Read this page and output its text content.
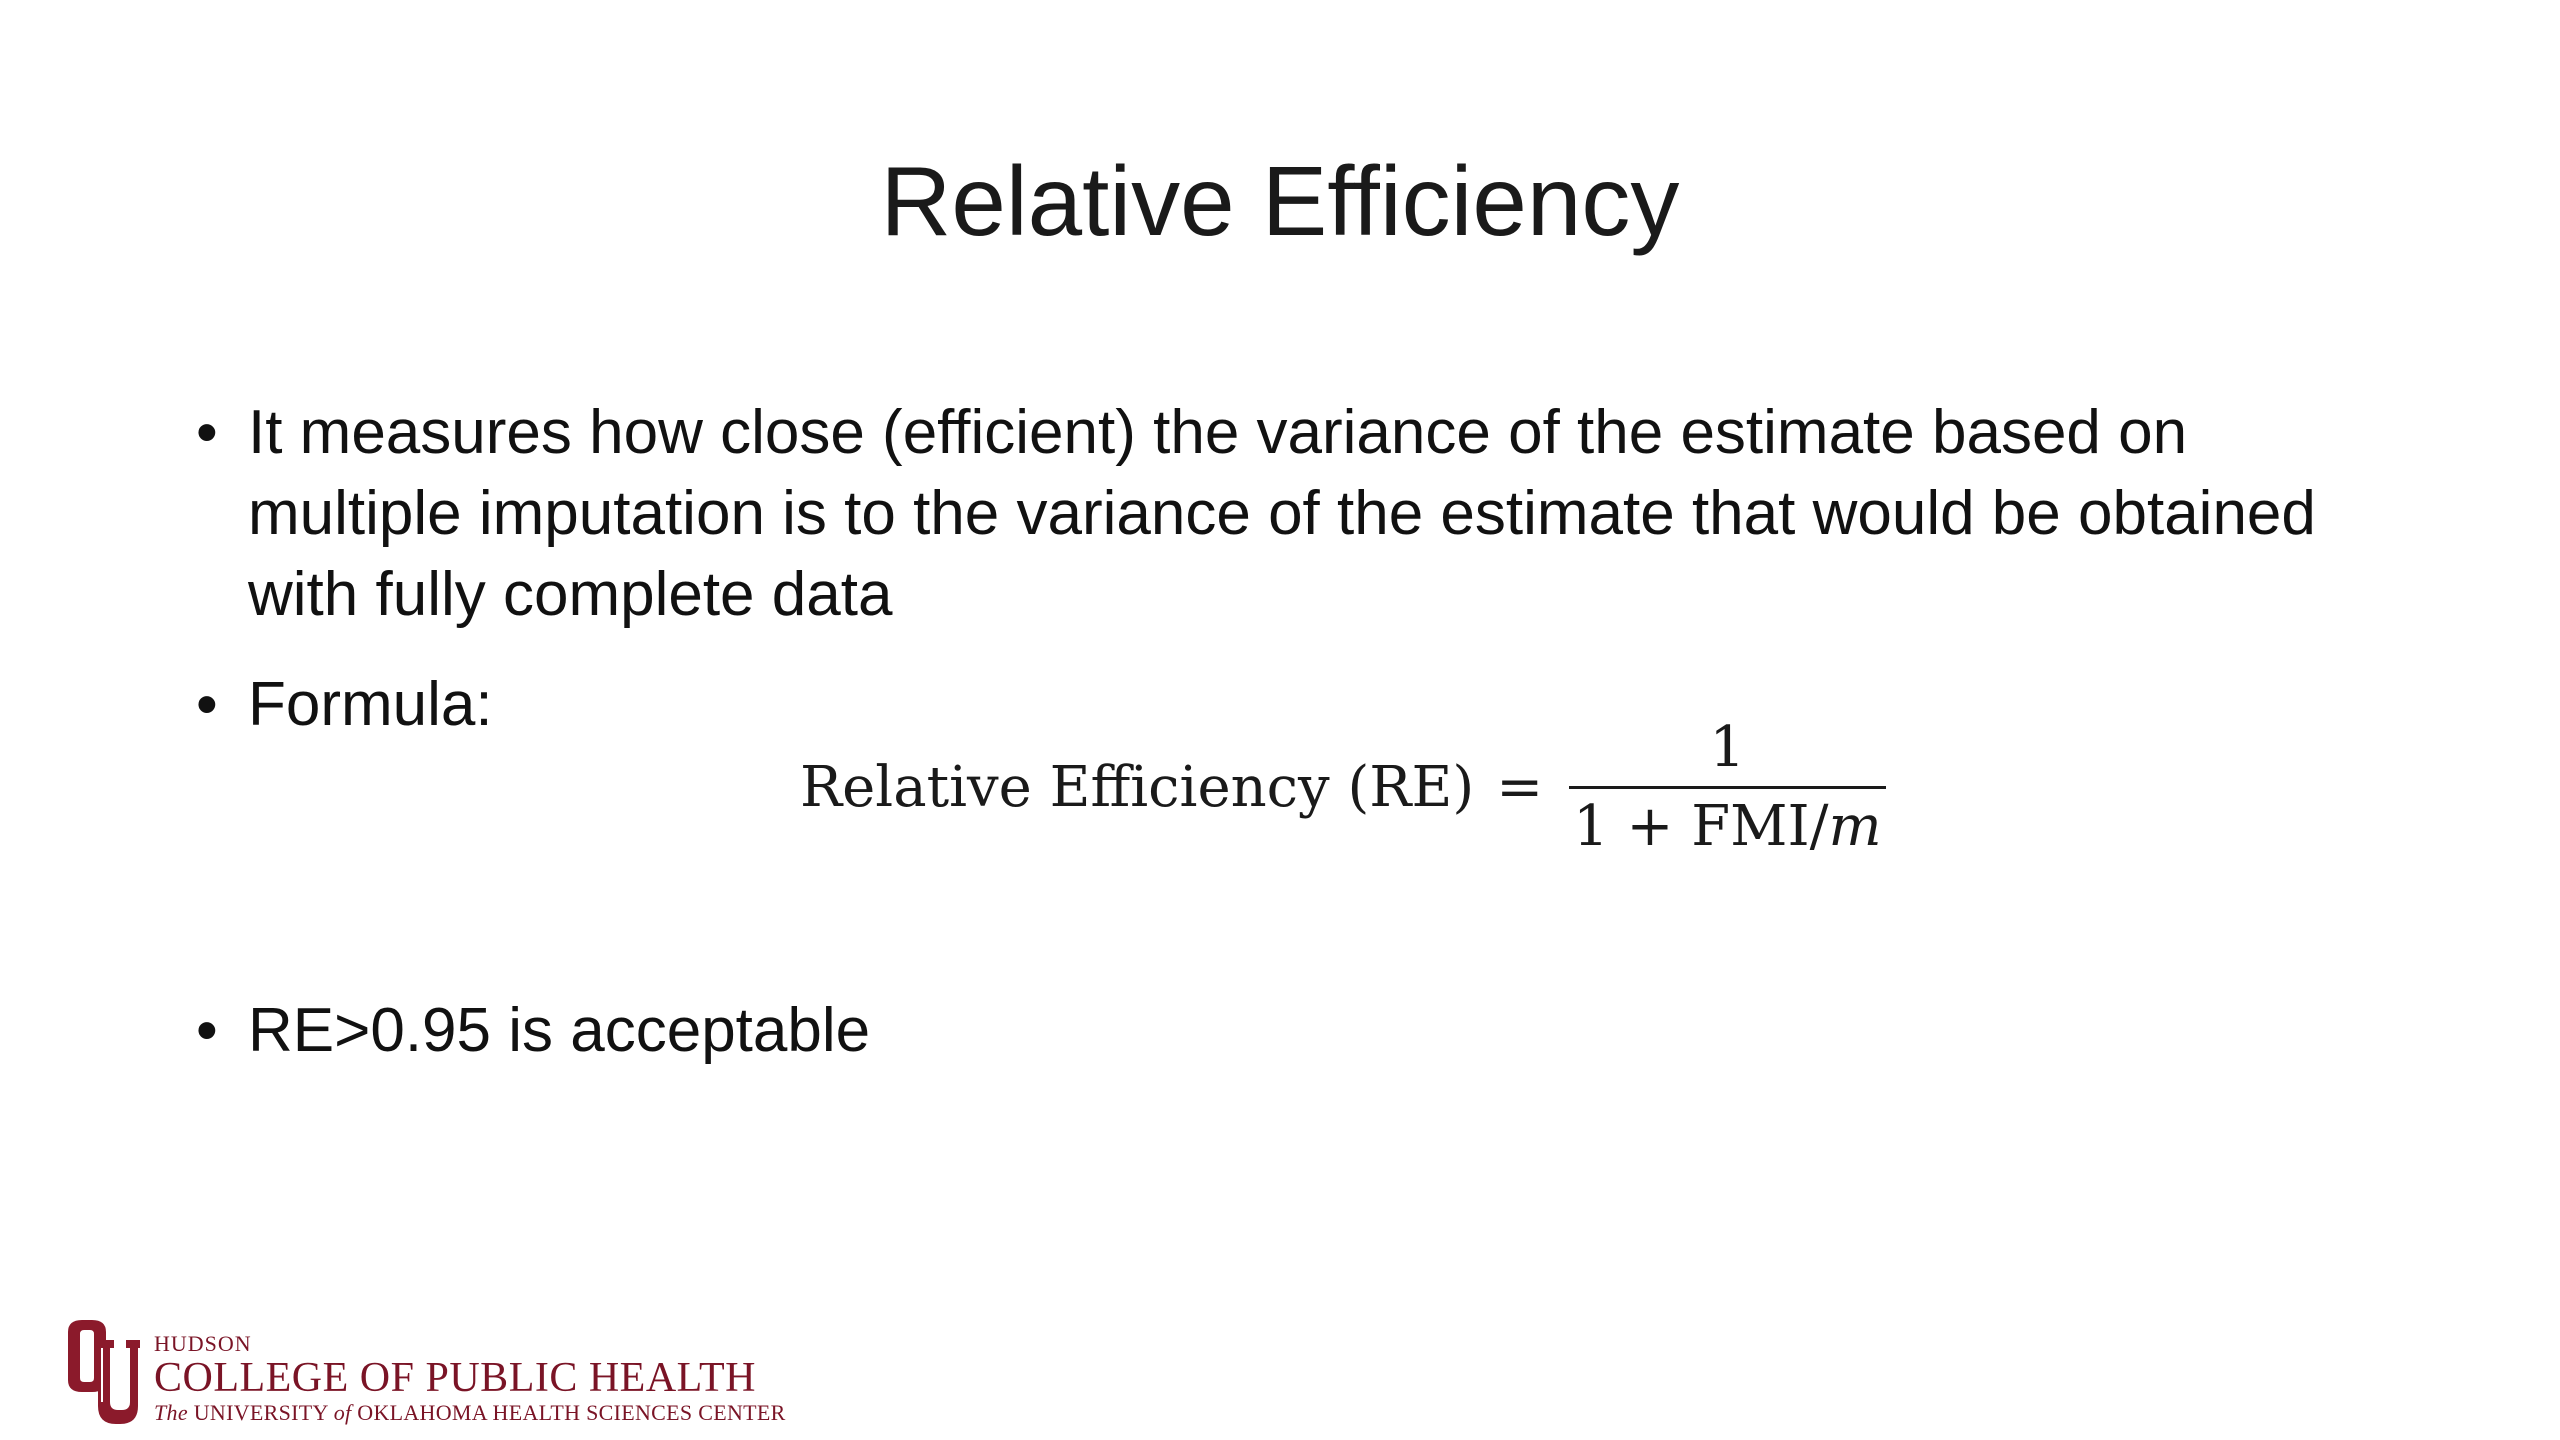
Relative Efficiency
• It measures how close (efficient) the variance of the estimate based on multiple imputation is to the variance of the estimate that would be obtained with fully complete data
• Formula:
Relative Efficiency $(RE) = \frac{1}{\text{1 + FMI/m}}$
• RE>0.95 is acceptable
HUDSON
COLLEGE OF PUBLIC HEALTH
The UNIVERSITY of OKLAHOMA HEALTH SCIENCES CENTER
